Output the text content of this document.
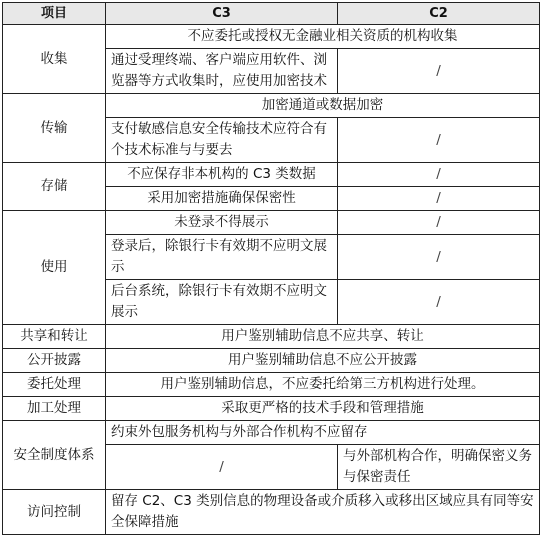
项目	C3	C2
收集	不应委托或授权无金融业相关资质的机构收集	
	通过受理终端、客户端应用软件、浏览器等方式收集时，应使用加密技术	/
传输	加密通道或数据加密	
	支付敏感信息安全传输技术应符合有个技术标准与与要去	/
存储	不应保存非本机构的 C3 类数据	/
	采用加密措施确保保密性	/
使用	未登录不得展示	/
	登录后，除银行卡有效期不应明文展示	/
	后台系统，除银行卡有效期不应明文展示	/
共享和转让	用户鉴别辅助信息不应共享、转让	
公开披露	用户鉴别辅助信息不应公开披露	
委托处理	用户鉴别辅助信息，不应委托给第三方机构进行处理。	
加工处理	采取更严格的技术手段和管理措施	
安全制度体系	约束外包服务机构与外部合作机构不应留存	
	/	与外部机构合作，明确保密义务与保密责任
访问控制	留存 C2、C3 类别信息的物理设备或介质移入或移出区域应具有同等安全保障措施	
